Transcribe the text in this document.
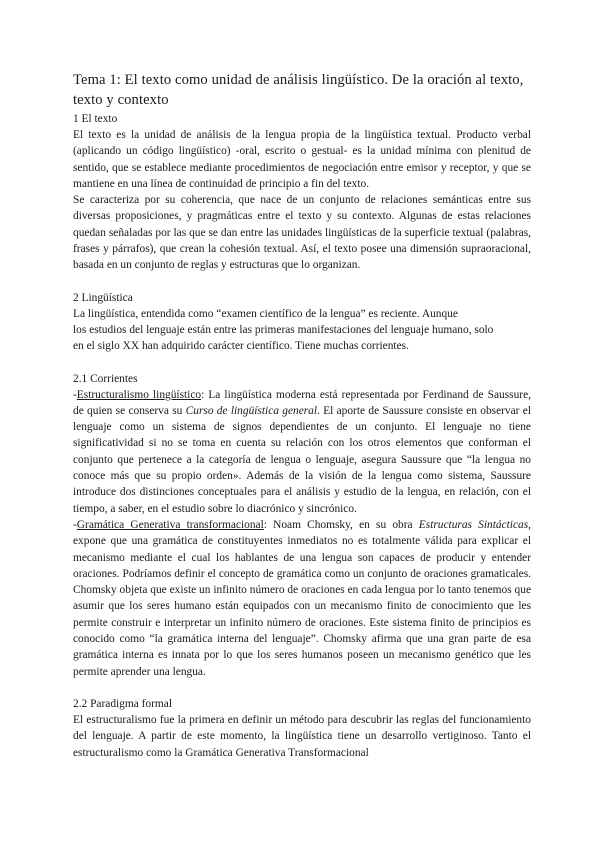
Tema 1: El texto como unidad de análisis lingüístico. De la oración al texto, texto y contexto
1 El texto

El texto es la unidad de análisis de la lengua propia de la lingüística textual. Producto verbal (aplicando un código lingüístico) -oral, escrito o gestual- es la unidad mínima con plenitud de sentido, que se establece mediante procedimientos de negociación entre emisor y receptor, y que se mantiene en una línea de continuidad de principio a fin del texto.

Se caracteriza por su coherencia, que nace de un conjunto de relaciones semánticas entre sus diversas proposiciones, y pragmáticas entre el texto y su contexto. Algunas de estas relaciones quedan señaladas por las que se dan entre las unidades lingüísticas de la superficie textual (palabras, frases y párrafos), que crean la cohesión textual. Así, el texto posee una dimensión supraoracional, basada en un conjunto de reglas y estructuras que lo organizan.

2 Lingüística

La lingüística, entendida como “examen científico de la lengua” es reciente. Aunque
los estudios del lenguaje están entre las primeras manifestaciones del lenguaje humano, solo
en el siglo XX han adquirido carácter científico. Tiene muchas corrientes.

2.1 Corrientes

-Estructuralismo lingüístico: La lingüística moderna está representada por Ferdinand de Saussure, de quien se conserva su Curso de lingüística general. El aporte de Saussure consiste en observar el lenguaje como un sistema de signos dependientes de un conjunto. El lenguaje no tiene significatividad si no se toma en cuenta su relación con los otros elementos que conforman el conjunto que pertenece a la categoría de lengua o lenguaje, asegura Saussure que “la lengua no conoce más que su propio orden». Además de la visión de la lengua como sistema, Saussure introduce dos distinciones conceptuales para el análisis y estudio de la lengua, en relación, con el tiempo, a saber, en el estudio sobre lo diacrónico y sincrónico.

-Gramática Generativa transformacional: Noam Chomsky, en su obra Estructuras Sintácticas, expone que una gramática de constituyentes inmediatos no es totalmente válida para explicar el mecanismo mediante el cual los hablantes de una lengua son capaces de producir y entender oraciones. Podríamos definir el concepto de gramática como un conjunto de oraciones gramaticales. Chomsky objeta que existe un infinito número de oraciones en cada lengua por lo tanto tenemos que asumir que los seres humano están equipados con un mecanismo finito de conocimiento que les permite construir e interpretar un infinito número de oraciones. Este sistema finito de principios es conocido como “la gramática interna del lenguaje”. Chomsky afirma que una gran parte de esa gramática interna es innata por lo que los seres humanos poseen un mecanismo genético que les permite aprender una lengua.

2.2 Paradigma formal

El estructuralismo fue la primera en definir un método para descubrir las reglas del funcionamiento del lenguaje. A partir de este momento, la lingüística tiene un desarrollo vertiginoso. Tanto el estructuralismo como la Gramática Generativa Transformacional
